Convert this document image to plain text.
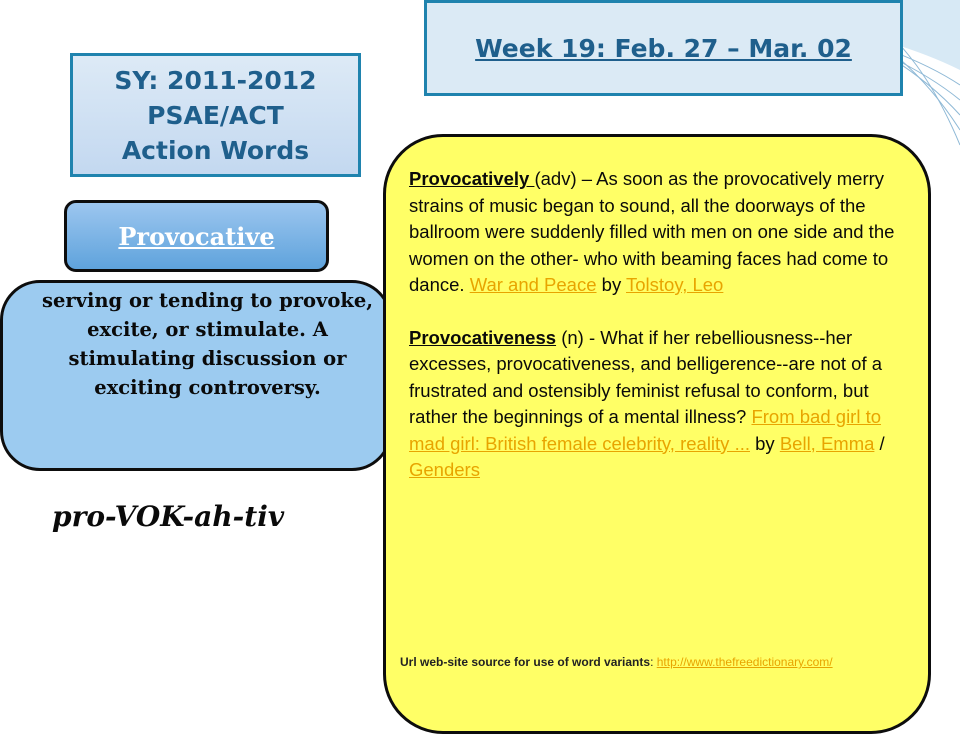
Week 19: Feb. 27 – Mar. 02
SY: 2011-2012
PSAE/ACT
Action Words
Provocative
serving or tending to provoke, excite, or stimulate. A stimulating discussion or exciting controversy.
pro-VOK-ah-tiv

Provocatively (adv) – As soon as the provocatively merry strains of music began to sound, all the doorways of the ballroom were suddenly filled with men on one side and the women on the other- who with beaming faces had come to dance. War and Peace by Tolstoy, Leo

Provocativeness (n) - What if her rebelliousness--her excesses, provocativeness, and belligerence--are not of a frustrated and ostensibly feminist refusal to conform, but rather the beginnings of a mental illness? From bad girl to mad girl: British female celebrity, reality ... by Bell, Emma / Genders

Url web-site source for use of word variants: http://www.thefreedictionary.com/
